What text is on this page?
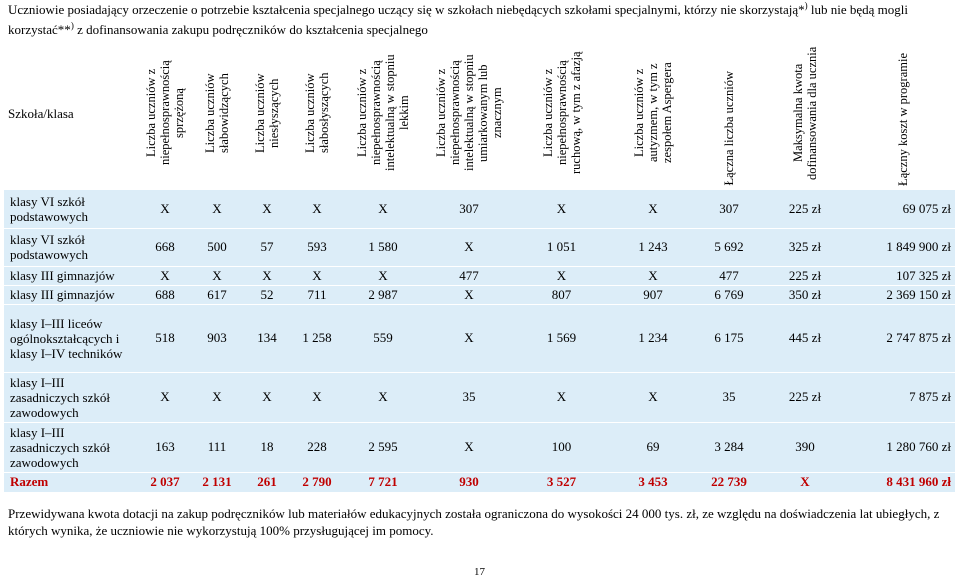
Uczniowie posiadający orzeczenie o potrzebie kształcenia specjalnego uczący się w szkołach niebędących szkołami specjalnymi, którzy nie skorzystają*) lub nie będą mogli korzystać**) z dofinansowania zakupu podręczników do kształcenia specjalnego
Szkoła/klasa	Liczba uczniów z niepełnosprawnością sprzężoną	Liczba uczniów słabowidzących	Liczba uczniów niesłyszących	Liczba uczniów słabosłyszących	Liczba uczniów z niepełnosprawnością intelektualną w stopniu lekkim	Liczba uczniów z niepełnosprawnością intelektualną w stopniu umiarkowanym lub znacznym	Liczba uczniów z niepełnosprawnością ruchową, w tym z afazją	Liczba uczniów z autyzmem, w tym z zespołem Aspergera	Łączna liczba uczniów	Maksymalna kwota dofinansowania dla ucznia	Łączny koszt w programie

klasy VI szkół podstawowych	X	X	X	X	X	307	X	X	307	225 zł	69 075 zł
klasy VI szkół podstawowych	668	500	57	593	1 580	X	1 051	1 243	5 692	325 zł	1 849 900 zł
klasy III gimnazjów	X	X	X	X	X	477	X	X	477	225 zł	107 325 zł
klasy III gimnazjów	688	617	52	711	2 987	X	807	907	6 769	350 zł	2 369 150 zł
klasy I–III liceów ogólnokształcących i klasy I–IV techników	518	903	134	1 258	559	X	1 569	1 234	6 175	445 zł	2 747 875 zł
klasy I–III zasadniczych szkół zawodowych	X	X	X	X	X	35	X	X	35	225 zł	7 875 zł
klasy I–III zasadniczych szkół zawodowych	163	111	18	228	2 595	X	100	69	3 284	390	1 280 760 zł
Razem	2 037	2 131	261	2 790	7 721	930	3 527	3 453	22 739	X	8 431 960 zł
Przewidywana kwota dotacji na zakup podręczników lub materiałów edukacyjnych została ograniczona do wysokości 24 000 tys. zł, ze względu na doświadczenia lat ubiegłych, z których wynika, że uczniowie nie wykorzystują 100% przysługującej im pomocy.
17
